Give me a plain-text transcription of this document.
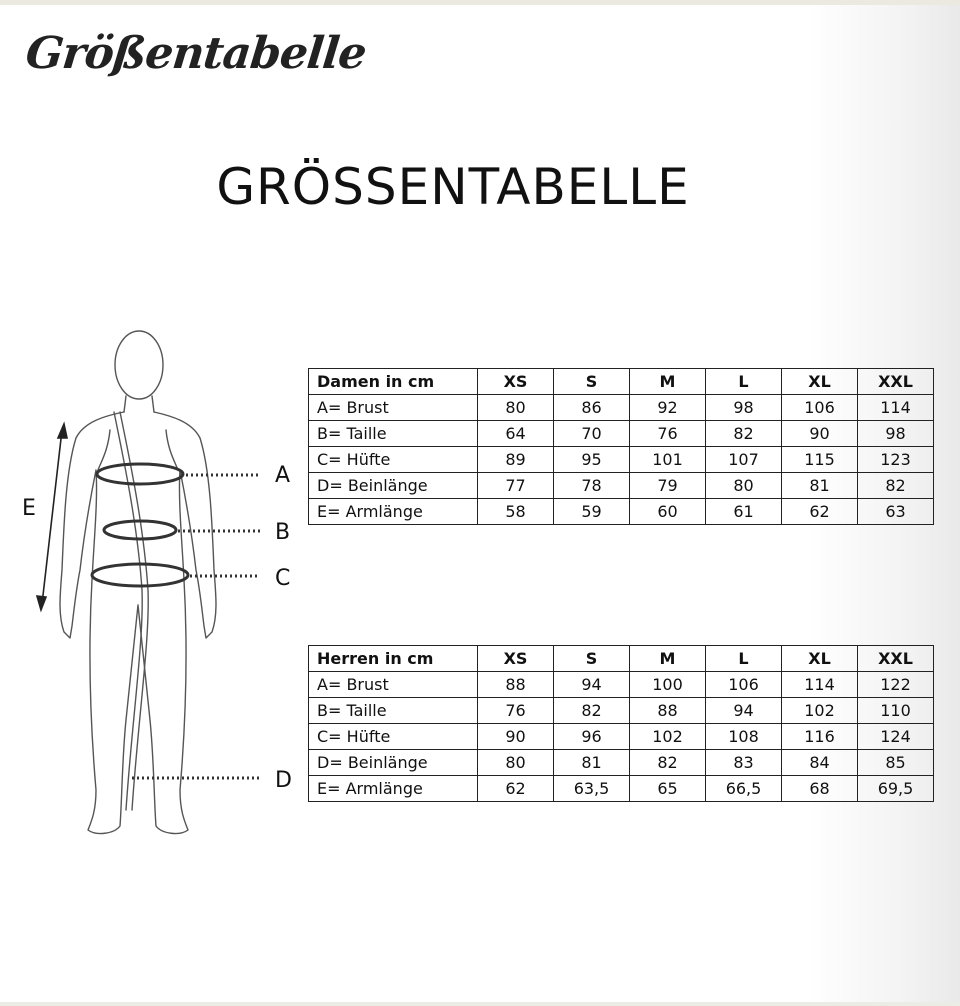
Größentabelle
GRÖSSENTABELLE
A
B
C
D
E
Damen in cm	XS	S	M	L	XL	XXL
A= Brust	80	86	92	98	106	114
B= Taille	64	70	76	82	90	98
C= Hüfte	89	95	101	107	115	123
D= Beinlänge	77	78	79	80	81	82
E= Armlänge	58	59	60	61	62	63
Herren in cm	XS	S	M	L	XL	XXL
A= Brust	88	94	100	106	114	122
B= Taille	76	82	88	94	102	110
C= Hüfte	90	96	102	108	116	124
D= Beinlänge	80	81	82	83	84	85
E= Armlänge	62	63,5	65	66,5	68	69,5
